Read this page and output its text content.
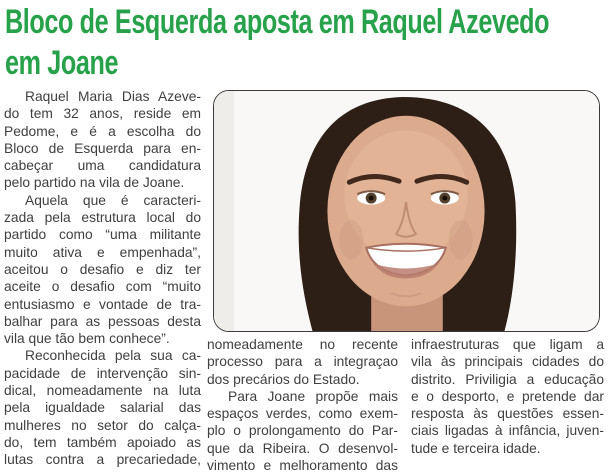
Bloco de Esquerda aposta em Raquel Azevedo
em Joane
Raquel Maria Dias Azeve-
do tem 32 anos, reside em
Pedome, e é a escolha do
Bloco de Esquerda para en-
cabeçar uma candidatura
pelo partido na vila de Joane.
Aquela que é caracteri-
zada pela estrutura local do
partido como “uma militante
muito ativa e empenhada”,
aceitou o desafio e diz ter
aceite o desafio com “muito
entusiasmo e vontade de tra-
balhar para as pessoas desta
vila que tão bem conhece”.
Reconhecida pela sua ca-
pacidade de intervenção sin-
dical, nomeadamente na luta
pela igualdade salarial das
mulheres no setor do calça-
do, tem também apoiado as
lutas contra a precariedade,
nomeadamente no recente
processo para a integraçao
dos precários do Estado.
Para Joane propõe mais
espaços verdes, como exem-
plo o prolongamento do Par-
que da Ribeira. O desenvol-
vimento e melhoramento das
infraestruturas que ligam a
vila às principais cidades do
distrito. Priviligia a educação
e o desporto, e pretende dar
resposta às questões essen-
ciais ligadas à infância, juven-
tude e terceira idade.
